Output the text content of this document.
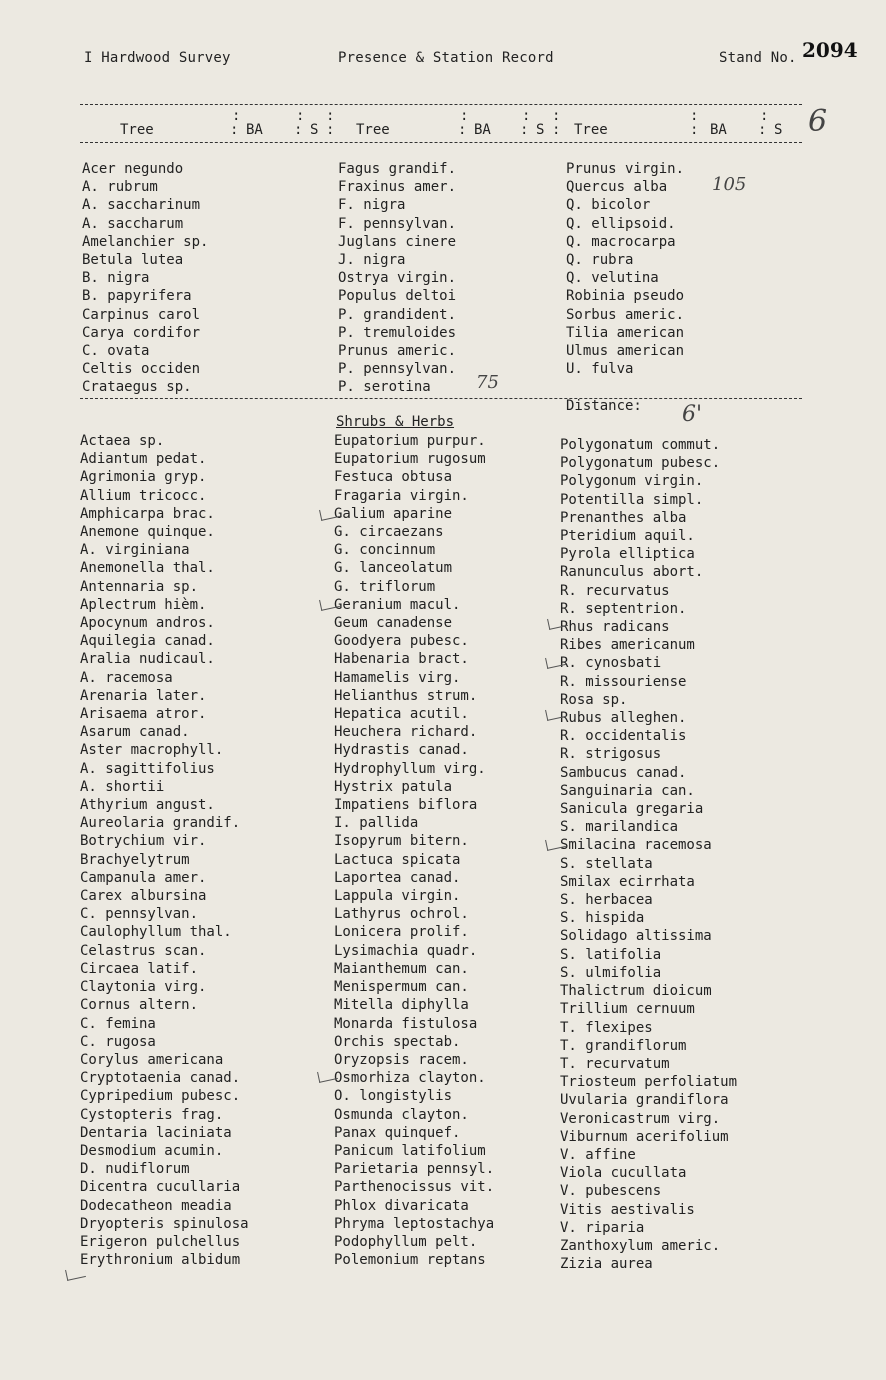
I Hardwood Survey	Presence & Station Record	Stand No. 2094
:	: :	:	: :	:	:
Tree	: BA : S : Tree	: BA : S : Tree	: BA : S 6
Acer negundo
A. rubrum
A. saccharinum
A. saccharum
Amelanchier sp.
Betula lutea
B. nigra
B. papyrifera
Carpinus carol
Carya cordifor
C. ovata
Celtis occiden
Crataegus sp.
Fagus grandif.
Fraxinus amer.
F. nigra
F. pennsylvan.
Juglans cinere
J. nigra
Ostrya virgin.
Populus deltoi
P. grandident.
P. tremuloides
Prunus americ.
P. pennsylvan.
P. serotina
Prunus virgin.
Quercus alba
Q. bicolor
Q. ellipsoid.
Q. macrocarpa
Q. rubra
Q. velutina
Robinia pseudo
Sorbus americ.
Tilia american
Ulmus american
U. fulva
105
75
Shrubs & Herbs
Distance: 6'
Actaea sp.
Adiantum pedat.
Agrimonia gryp.
Allium tricocc.
Amphicarpa brac.
Anemone quinque.
A. virginiana
Anemonella thal.
Antennaria sp.
Aplectrum hièm.
Apocynum andros.
Aquilegia canad.
Aralia nudicaul.
A. racemosa
Arenaria later.
Arisaema atror.
Asarum canad.
Aster macrophyll.
A. sagittifolius
A. shortii
Athyrium angust.
Aureolaria grandif.
Botrychium vir.
Brachyelytrum
Campanula amer.
Carex albursina
C. pennsylvan.
Caulophyllum thal.
Celastrus scan.
Circaea latif.
Claytonia virg.
Cornus altern.
C. femina
C. rugosa
Corylus americana
Cryptotaenia canad.
Cypripedium pubesc.
Cystopteris frag.
Dentaria laciniata
Desmodium acumin.
D. nudiflorum
Dicentra cucullaria
Dodecatheon meadia
Dryopteris spinulosa
Erigeron pulchellus
Erythronium albidum
Eupatorium purpur.
Eupatorium rugosum
Festuca obtusa
Fragaria virgin.
Galium aparine
G. circaezans
G. concinnum
G. lanceolatum
G. triflorum
Geranium macul.
Geum canadense
Goodyera pubesc.
Habenaria bract.
Hamamelis virg.
Helianthus strum.
Hepatica acutil.
Heuchera richard.
Hydrastis canad.
Hydrophyllum virg.
Hystrix patula
Impatiens biflora
I. pallida
Isopyrum bitern.
Lactuca spicata
Laportea canad.
Lappula virgin.
Lathyrus ochrol.
Lonicera prolif.
Lysimachia quadr.
Maianthemum can.
Menispermum can.
Mitella diphylla
Monarda fistulosa
Orchis spectab.
Oryzopsis racem.
Osmorhiza clayton.
O. longistylis
Osmunda clayton.
Panax quinquef.
Panicum latifolium
Parietaria pennsyl.
Parthenocissus vit.
Phlox divaricata
Phryma leptostachya
Podophyllum pelt.
Polemonium reptans
Polygonatum commut.
Polygonatum pubesc.
Polygonum virgin.
Potentilla simpl.
Prenanthes alba
Pteridium aquil.
Pyrola elliptica
Ranunculus abort.
R. recurvatus
R. septentrion.
Rhus radicans
Ribes americanum
R. cynosbati
R. missouriense
Rosa sp.
Rubus alleghen.
R. occidentalis
R. strigosus
Sambucus canad.
Sanguinaria can.
Sanicula gregaria
S. marilandica
Smilacina racemosa
S. stellata
Smilax ecirrhata
S. herbacea
S. hispida
Solidago altissima
S. latifolia
S. ulmifolia
Thalictrum dioicum
Trillium cernuum
T. flexipes
T. grandiflorum
T. recurvatum
Triosteum perfoliatum
Uvularia grandiflora
Veronicastrum virg.
Viburnum acerifolium
V. affine
Viola cucullata
V. pubescens
Vitis aestivalis
V. riparia
Zanthoxylum americ.
Zizia aurea
